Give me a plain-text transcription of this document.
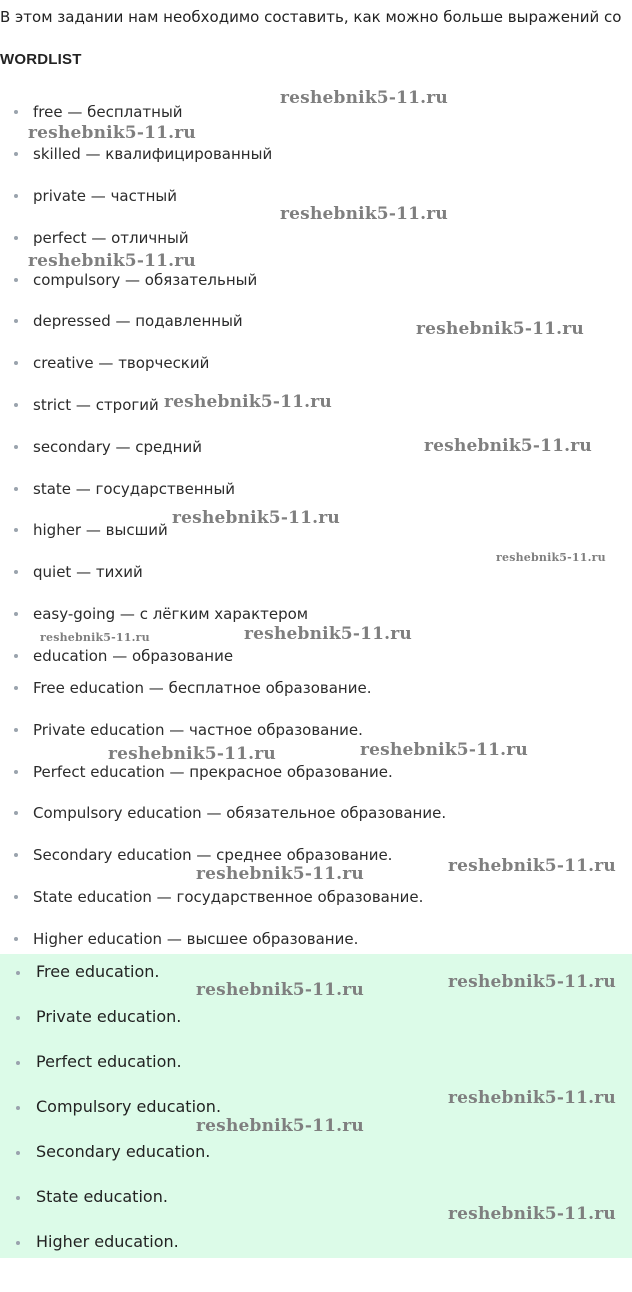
В этом задании нам необходимо составить, как можно больше выражений со

WORDLIST
free — бесплатный
skilled — квалифицированный
private — частный
perfect — отличный
compulsory — обязательный
depressed — подавленный
creative — творческий
strict — строгий
secondary — средний
state — государственный
higher — высший
quiet — тихий
easy-going — с лёгким характером
education — образование
Free education — бесплатное образование.
Private education — частное образование.
Perfect education — прекрасное образование.
Compulsory education — обязательное образование.
Secondary education — среднее образование.
State education — государственное образование.
Higher education — высшее образование.
Free education.
Private education.
Perfect education.
Compulsory education.
Secondary education.
State education.
Higher education.
reshebnik5-11.ru
reshebnik5-11.ru
reshebnik5-11.ru
reshebnik5-11.ru
reshebnik5-11.ru
reshebnik5-11.ru
reshebnik5-11.ru
reshebnik5-11.ru
reshebnik5-11.ru
reshebnik5-11.ru	reshebnik5-11.ru
reshebnik5-11.ru	reshebnik5-11.ru
reshebnik5-11.ru
reshebnik5-11.ru
reshebnik5-11.ru
reshebnik5-11.ru
reshebnik5-11.ru
reshebnik5-11.ru
reshebnik5-11.ru
